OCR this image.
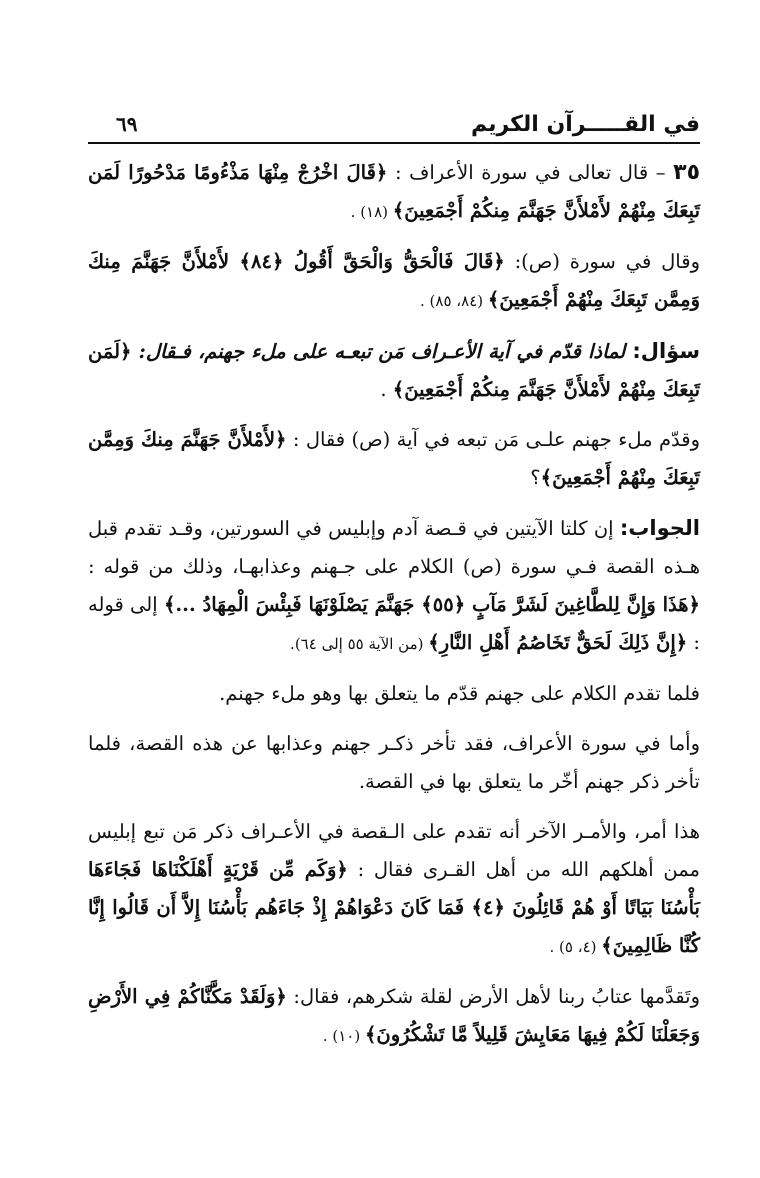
في القـــــرآن الكريم
٦٩

٣٥ – قال تعالى في سورة الأعراف : ﴿قَالَ اخْرُجْ مِنْهَا مَذْءُومًا مَدْحُورًا لَمَن تَبِعَكَ مِنْهُمْ لأَمْلأَنَّ جَهَنَّمَ مِنكُمْ أَجْمَعِينَ﴾ (١٨) .

وقال في سورة (ص): ﴿قَالَ فَالْحَقُّ وَالْحَقَّ أَقُولُ ﴿٨٤﴾ لأَمْلأَنَّ جَهَنَّمَ مِنكَ وَمِمَّن تَبِعَكَ مِنْهُمْ أَجْمَعِينَ﴾ (٨٤، ٨٥) .

سؤال: لماذا قدّم في آية الأعـراف مَن تبعـه على ملء جهنم، فـقال: ﴿لَمَن تَبِعَكَ مِنْهُمْ لأَمْلأَنَّ جَهَنَّمَ مِنكُمْ أَجْمَعِينَ﴾ .

وقدّم ملء جهنم علـى مَن تبعه في آية (ص) فقال : ﴿لأَمْلأَنَّ جَهَنَّمَ مِنكَ وَمِمَّن تَبِعَكَ مِنْهُمْ أَجْمَعِينَ﴾؟

الجواب: إن كلتا الآيتين في قـصة آدم وإبليس في السورتين، وقـد تقدم قبل هـذه القصة فـي سورة (ص) الكلام على جـهنم وعذابهـا، وذلك من قوله : ﴿هَذَا وَإِنَّ لِلطَّاغِينَ لَشَرَّ مَآبٍ ﴿٥٥﴾ جَهَنَّمَ يَصْلَوْنَهَا فَبِئْسَ الْمِهَادُ ...﴾ إلى قوله : ﴿إِنَّ ذَلِكَ لَحَقٌّ تَخَاصُمُ أَهْلِ النَّارِ﴾ (من الآية ٥٥ إلى ٦٤).

فلما تقدم الكلام على جهنم قدّم ما يتعلق بها وهو ملء جهنم.

وأما في سورة الأعراف، فقد تأخر ذكـر جهنم وعذابها عن هذه القصة، فلما تأخر ذكر جهنم أخّر ما يتعلق بها في القصة.

هذا أمر، والأمـر الآخر أنه تقدم على الـقصة في الأعـراف ذكر مَن تبع إبليس ممن أهلكهم الله من أهل القـرى فقال : ﴿وَكَم مِّن قَرْيَةٍ أَهْلَكْنَاهَا فَجَاءَهَا بَأْسُنَا بَيَاتًا أَوْ هُمْ قَائِلُونَ ﴿٤﴾ فَمَا كَانَ دَعْوَاهُمْ إِذْ جَاءَهُم بَأْسُنَا إِلاَّ أَن قَالُوا إِنَّا كُنَّا ظَالِمِينَ﴾ (٤، ٥) .

وتَقدَّمها عتابُ ربنا لأهل الأرض لقلة شكرهم، فقال: ﴿وَلَقَدْ مَكَّنَّاكُمْ فِي الأَرْضِ وَجَعَلْنَا لَكُمْ فِيهَا مَعَايِشَ قَلِيلاً مَّا تَشْكُرُونَ﴾ (١٠) .
